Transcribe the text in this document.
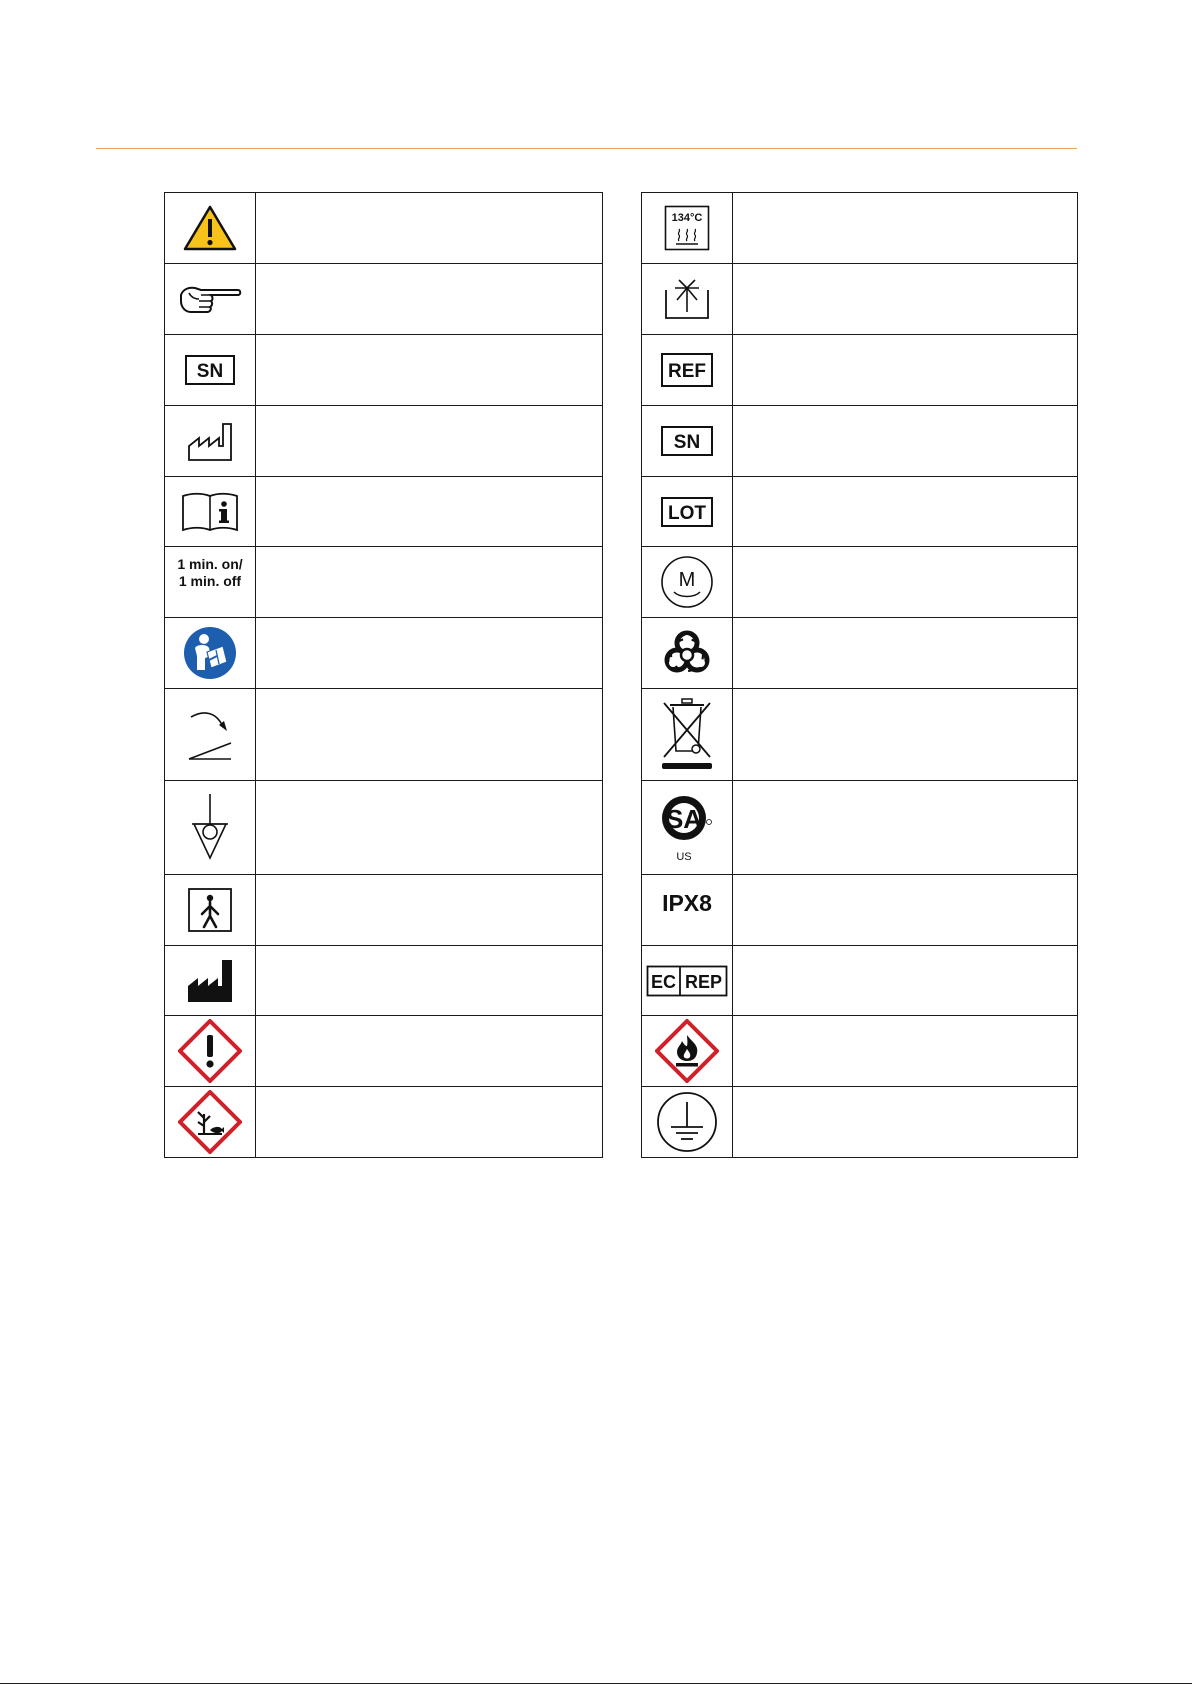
SN	

1 min. on/
1 min. off	

134°C	

REF	

SN	

LOT	

M	

SA
US	

IPX8	

EC REP	
